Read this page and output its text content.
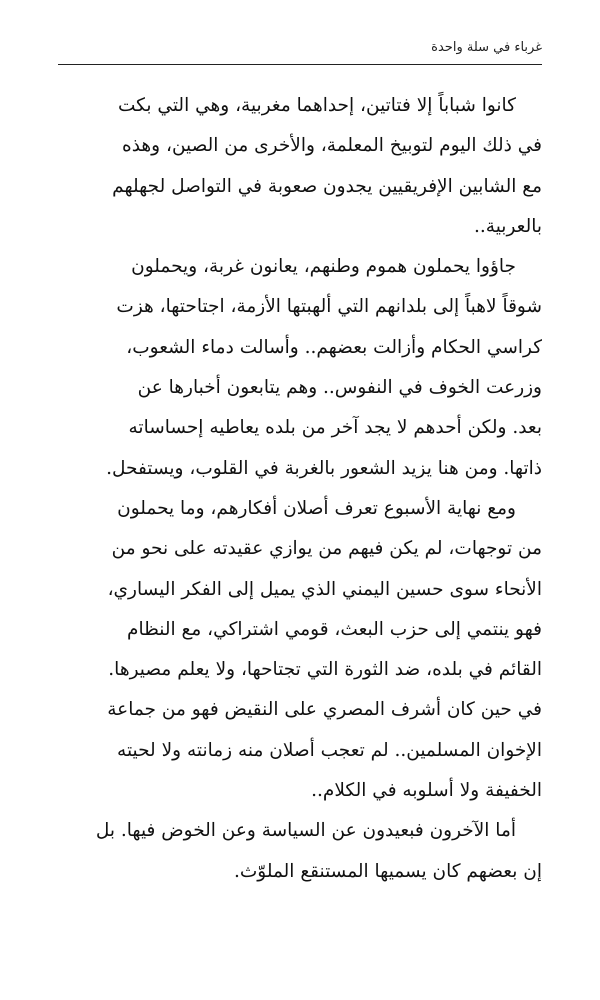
غرباء في سلة واحدة
كانوا شباباً إلا فتاتين، إحداهما مغربية، وهي التي بكت
في ذلك اليوم لتوبيخ المعلمة، والأخرى من الصين، وهذه
مع الشابين الإفريقيين يجدون صعوبة في التواصل لجهلهم
بالعربية..
جاؤوا يحملون هموم وطنهم، يعانون غربة، ويحملون
شوقاً لاهباً إلى بلدانهم التي ألهبتها الأزمة، اجتاحتها، هزت
كراسي الحكام وأزالت بعضهم.. وأسالت دماء الشعوب،
وزرعت الخوف في النفوس.. وهم يتابعون أخبارها عن
بعد. ولكن أحدهم لا يجد آخر من بلده يعاطيه إحساساته
ذاتها. ومن هنا يزيد الشعور بالغربة في القلوب، ويستفحل.
ومع نهاية الأسبوع تعرف أصلان أفكارهم، وما يحملون
من توجهات، لم يكن فيهم من يوازي عقيدته على نحو من
الأنحاء سوى حسين اليمني الذي يميل إلى الفكر اليساري،
فهو ينتمي إلى حزب البعث، قومي اشتراكي، مع النظام
القائم في بلده، ضد الثورة التي تجتاحها، ولا يعلم مصيرها.
في حين كان أشرف المصري على النقيض فهو من جماعة
الإخوان المسلمين.. لم تعجب أصلان منه زمانته ولا لحيته
الخفيفة ولا أسلوبه في الكلام..
أما الآخرون فبعيدون عن السياسة وعن الخوض فيها. بل
إن بعضهم كان يسميها المستنقع الملوّث.
